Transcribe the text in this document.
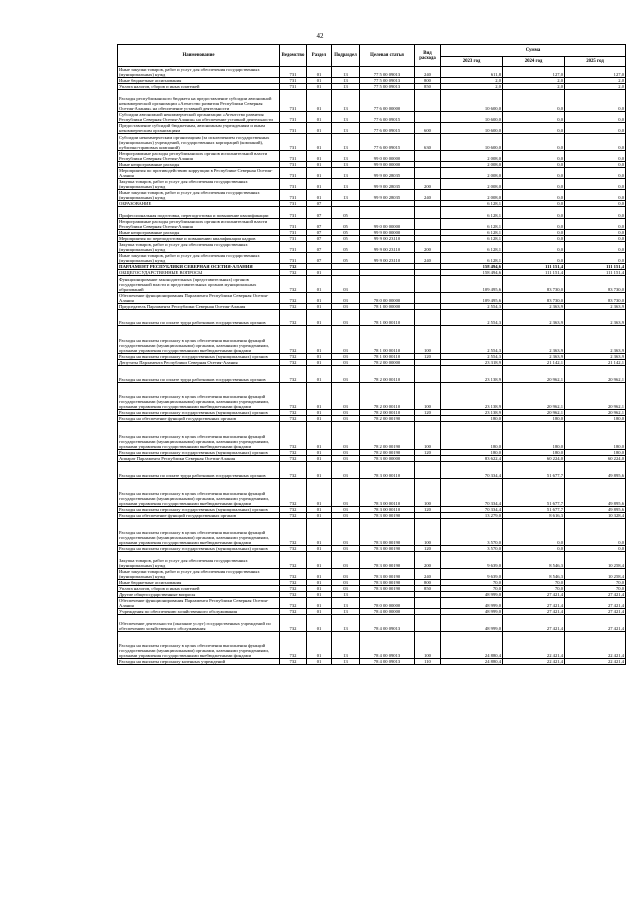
42
Наименование	Ведомство	Раздел	Подраздел	Целевая статья	Вид расхода	Сумма		
						2023 год	2024 год	2025 год
Иные закупки товаров, работ и услуг для обеспечения государственных (муниципальных) нужд	731	01	13	77 5 00 09013	240	611,8	127,0	127,0
Иные бюджетные ассигнования	731	01	13	77 5 00 09013	800	2,0	2,0	2,0
Уплата налогов, сборов и иных платежей	731	01	13	77 5 00 09013	850	2,0	2,0	2,0
Расходы республиканского бюджета на предоставление субсидии автономной некоммерческой организации «Агентство развития Республики Северная Осетия-Алания» на обеспечение уставной деятельности	731	01	13	77 6 00 00000		10 600,0	0,0	0,0
Субсидии автономной некоммерческой организации «Агентство развития Республики Северная Осетия-Алания» на обеспечение уставной деятельности	731	01	13	77 6 00 09015		10 600,0	0,0	0,0
Предоставление субсидий бюджетным, автономным учреждениям и иным некоммерческим организациям	731	01	13	77 6 00 09015	600	10 600,0	0,0	0,0
Субсидии некоммерческим организациям (за исключением государственных (муниципальных) учреждений, государственных корпораций (компаний), публично-правовых компаний)	731	01	13	77 6 00 09015	630	10 600,0	0,0	0,0
Непрограммные расходы республиканских органов исполнительной власти Республики Северная Осетия-Алания	731	01	13	99 0 00 00000		2 008,0	0,0	0,0
Иные непрограммные расходы	731	01	13	99 9 00 00000		2 008,0	0,0	0,0
Мероприятия по противодействию коррупции в Республике Северная Осетия-Алания	731	01	13	99 9 00 28035		2 008,0	0,0	0,0
Закупка товаров, работ и услуг для обеспечения государственных (муниципальных) нужд	731	01	13	99 9 00 28035	200	2 008,0	0,0	0,0
Иные закупки товаров, работ и услуг для обеспечения государственных (муниципальных) нужд	731	01	13	99 9 00 28035	240	2 008,0	0,0	0,0
ОБРАЗОВАНИЕ	731	07				6 128,1	0,0	0,0
Профессиональная подготовка, переподготовка и повышение квалификации	731	07	05			6 128,1	0,0	0,0
Непрограммные расходы республиканских органов исполнительной власти Республики Северная Осетия-Алания	731	07	05	99 0 00 00000		6 128,1	0,0	0,0
Иные непрограммные расходы	731	07	05	99 9 00 00000		6 128,1	0,0	0,0
Мероприятия по переподготовке и повышению квалификации кадров	731	07	05	99 9 00 23110		6 128,1	0,0	0,0
Закупка товаров, работ и услуг для обеспечения государственных (муниципальных) нужд	731	07	05	99 9 00 23110	200	6 128,1	0,0	0,0
Иные закупки товаров, работ и услуг для обеспечения государственных (муниципальных) нужд	731	07	05	99 9 00 23110	240	6 128,1	0,0	0,0
ПАРЛАМЕНТ РЕСПУБЛИКИ СЕВЕРНАЯ ОСЕТИЯ-АЛАНИЯ	732					158 494,6	111 151,4	111 151,4
ОБЩЕГОСУДАРСТВЕННЫЕ ВОПРОСЫ	732	01				158 494,6	111 151,4	111 151,4
Функционирование законодательных (представительных) органов государственной власти и представительных органов муниципальных образований	732	01	03			109 495,6	83 730,0	83 730,0
Обеспечение функционирования Парламента Республики Северная Осетия-Алания	732	01	03	78 0 00 00000		109 495,6	83 730,0	83 730,0
Председатель Парламента Республики Северная Осетия-Алания	732	01	03	78 1 00 00000		2 554,3	2 363,9	2 363,9
Расходы на выплаты по оплате труда работников государственных органов	732	01	03	78 1 00 00110		2 554,3	2 363,9	2 363,9
Расходы на выплаты персоналу в целях обеспечения выполнения функций государственными (муниципальными) органами, казенными учреждениями, органами управления государственными внебюджетными фондами	732	01	03	78 1 00 00110	100	2 554,3	2 363,9	2 363,9
Расходы на выплаты персоналу государственных (муниципальных) органов	732	01	03	78 1 00 00110	120	2 554,3	2 363,9	2 363,9
Депутаты Парламента Республики Северная Осетия-Алания	732	01	03	78 2 00 00000		23 318,9	21 142,1	21 142,1
Расходы на выплаты по оплате труда работников государственных органов	732	01	03	78 2 00 00110		23 138,9	20 962,1	20 962,1
Расходы на выплаты персоналу в целях обеспечения выполнения функций государственными (муниципальными) органами, казенными учреждениями, органами управления государственными внебюджетными фондами	732	01	03	78 2 00 00110	100	23 138,9	20 962,1	20 962,1
Расходы на выплаты персоналу государственных (муниципальных) органов	732	01	03	78 2 00 00110	120	23 138,9	20 962,1	20 962,1
Расходы на обеспечение функций государственных органов	732	01	03	78 2 00 00190		180,0	180,0	180,0
Расходы на выплаты персоналу в целях обеспечения выполнения функций государственными (муниципальными) органами, казенными учреждениями, органами управления государственными внебюджетными фондами	732	01	03	78 2 00 00190	100	180,0	180,0	180,0
Расходы на выплаты персоналу государственных (муниципальных) органов	732	01	03	78 2 00 00190	120	180,0	180,0	180,0
Аппарат Парламента Республики Северная Осетия-Алания	732	01	03	78 3 00 00000		83 622,4	60 224,0	60 224,0
Расходы на выплаты по оплате труда работников государственных органов	732	01	03	78 3 00 00110		70 334,4	51 677,7	49 895,6
Расходы на выплаты персоналу в целях обеспечения выполнения функций государственными (муниципальными) органами, казенными учреждениями, органами управления государственными внебюджетными фондами	732	01	03	78 3 00 00110	100	70 334,4	51 677,7	49 895,6
Расходы на выплаты персоналу государственных (муниципальных) органов	732	01	03	78 3 00 00110	120	70 334,4	51 677,7	49 895,6
Расходы на обеспечение функций государственных органов	732	01	03	78 3 00 00190		13 279,0	8 616,3	10 328,4
Расходы на выплаты персоналу в целях обеспечения выполнения функций государственными (муниципальными) органами, казенными учреждениями, органами управления государственными внебюджетными фондами	732	01	03	78 3 00 00190	100	3 570,0	0,0	0,0
Расходы на выплаты персоналу государственных (муниципальных) органов	732	01	03	78 3 00 00190	120	3 570,0	0,0	0,0
Закупка товаров, работ и услуг для обеспечения государственных (муниципальных) нужд	732	01	03	78 3 00 00190	200	9 639,0	8 546,3	10 258,4
Иные закупки товаров, работ и услуг для обеспечения государственных (муниципальных) нужд	732	01	03	78 3 00 00190	240	9 639,0	8 546,3	10 258,4
Иные бюджетные ассигнования	732	01	03	78 3 00 00190	800	70,0	70,0	70,0
Уплата налогов, сборов и иных платежей	732	01	03	78 3 00 00190	850	70,0	70,0	70,0
Другие общегосударственные вопросы	732	01	13			48 999,0	27 421,4	27 421,4
Обеспечение функционирования Парламента Республики Северная Осетия-Алания	732	01	13	78 0 00 00000		48 999,0	27 421,4	27 421,4
Учреждения по обеспечению хозяйственного обслуживания	732	01	13	78 4 00 00000		48 999,0	27 421,4	27 421,4
Обеспечение деятельности (оказание услуг) государственных учреждений по обеспечению хозяйственного обслуживания	732	01	13	78 4 00 09013		48 999,0	27 421,4	27 421,4
Расходы на выплаты персоналу в целях обеспечения выполнения функций государственными (муниципальными) органами, казенными учреждениями, органами управления государственными внебюджетными фондами	732	01	13	78 4 00 09013	100	24 880,4	22 421,4	22 421,4
Расходы на выплаты персоналу казенных учреждений	732	01	13	78 4 00 09013	110	24 880,4	22 421,4	22 421,4
